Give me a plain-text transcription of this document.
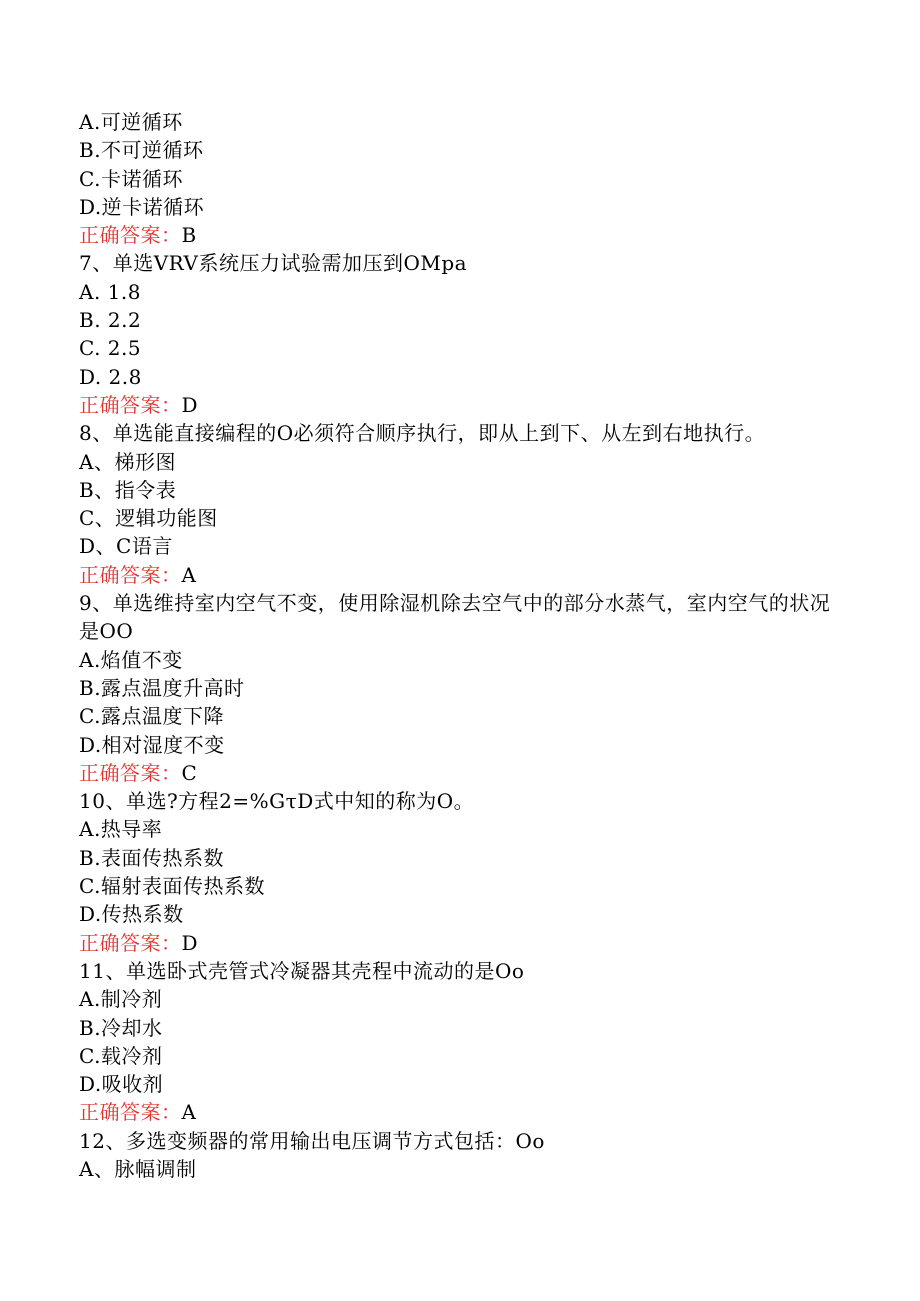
A.可逆循环
B.不可逆循环
C.卡诺循环
D.逆卡诺循环
正确答案：B
7、单选VRV系统压力试验需加压到OMpa
A. 1.8
B. 2.2
C. 2.5
D. 2.8
正确答案：D
8、单选能直接编程的O必须符合顺序执行，即从上到下、从左到右地执行。
A、梯形图
B、指令表
C、逻辑功能图
D、C语言
正确答案：A
9、单选维持室内空气不变，使用除湿机除去空气中的部分水蒸气，室内空气的状况是OO
A.焰值不变
B.露点温度升高时
C.露点温度下降
D.相对湿度不变
正确答案：C
10、单选?方程2=%GτD式中知的称为O。
A.热导率
B.表面传热系数
C.辐射表面传热系数
D.传热系数
正确答案：D
11、单选卧式壳管式冷凝器其壳程中流动的是Oo
A.制冷剂
B.冷却水
C.载冷剂
D.吸收剂
正确答案：A
12、多选变频器的常用输出电压调节方式包括：Oo
A、脉幅调制
